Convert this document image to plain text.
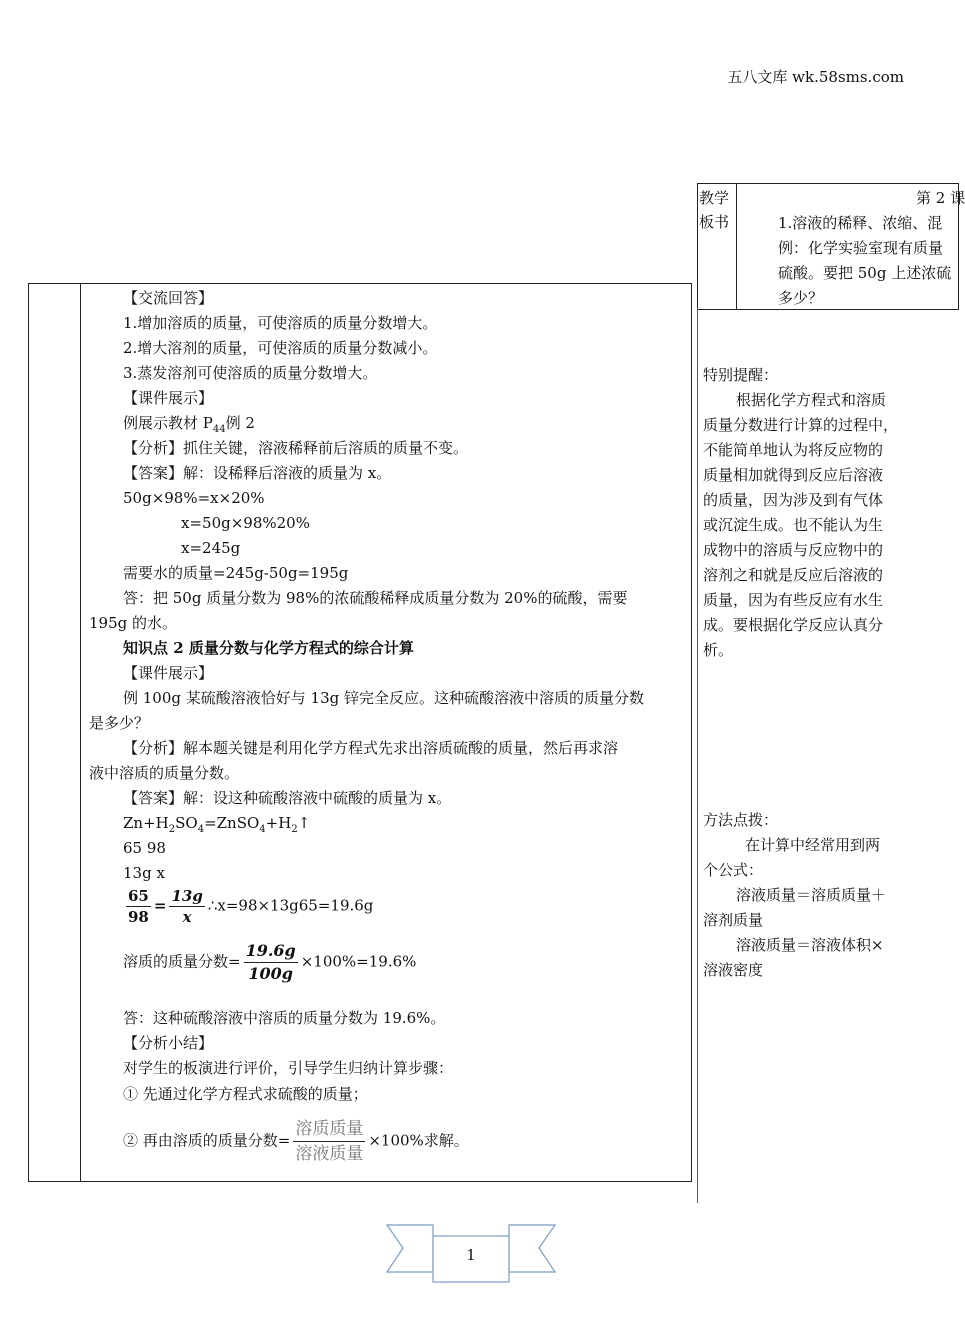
五八文库 wk.58sms.com
教学
板书
第 2 课
1.溶液的稀释、浓缩、混
例：化学实验室现有质量
硫酸。要把 50g 上述浓硫
多少？
【交流回答】
1.增加溶质的质量，可使溶质的质量分数增大。
2.增大溶剂的质量，可使溶质的质量分数减小。
3.蒸发溶剂可使溶质的质量分数增大。
【课件展示】
例展示教材 $P_{44}$例 2
【分析】抓住关键，溶液稀释前后溶质的质量不变。
【答案】解：设稀释后溶液的质量为 x。
50g×98%=x×20%
x=50g×98%20%
x=245g
需要水的质量=245g-50g=195g
答：把 50g 质量分数为 98%的浓硫酸稀释成质量分数为 20%的硫酸，需要
195g 的水。
知识点 2 质量分数与化学方程式的综合计算
【课件展示】
例 100g 某硫酸溶液恰好与 13g 锌完全反应。这种硫酸溶液中溶质的质量分数
是多少？
【分析】解本题关键是利用化学方程式先求出溶质硫酸的质量，然后再求溶
液中溶质的质量分数。
【答案】解：设这种硫酸溶液中硫酸的质量为 x。
$Zn+H_2SO_4=ZnSO_4+H_2↑$
65 98
13g x
$\frac{65}{98} = \frac{13g}{x}$ ∴x=98×13g65=19.6g
溶质的质量分数= $\frac{19.6g}{100g} \times 100\%=19.6\%$
答：这种硫酸溶液中溶质的质量分数为 19.6%。
【分析小结】
对学生的板演进行评价，引导学生归纳计算步骤：
① 先通过化学方程式求硫酸的质量；
② 再由溶质的质量分数= $\frac{\text{溶质质量}}{\text{溶液质量}} \times 100\%$求解。
特别提醒：
根据化学方程式和溶质
质量分数进行计算的过程中，
不能简单地认为将反应物的
质量相加就得到反应后溶液
的质量，因为涉及到有气体
或沉淀生成。也不能认为生
成物中的溶质与反应物中的
溶剂之和就是反应后溶液的
质量，因为有些反应有水生
成。要根据化学反应认真分
析。
方法点拨：
在计算中经常用到两
个公式：
溶液质量＝溶质质量＋
溶剂质量
溶液质量＝溶液体积×
溶液密度
1
